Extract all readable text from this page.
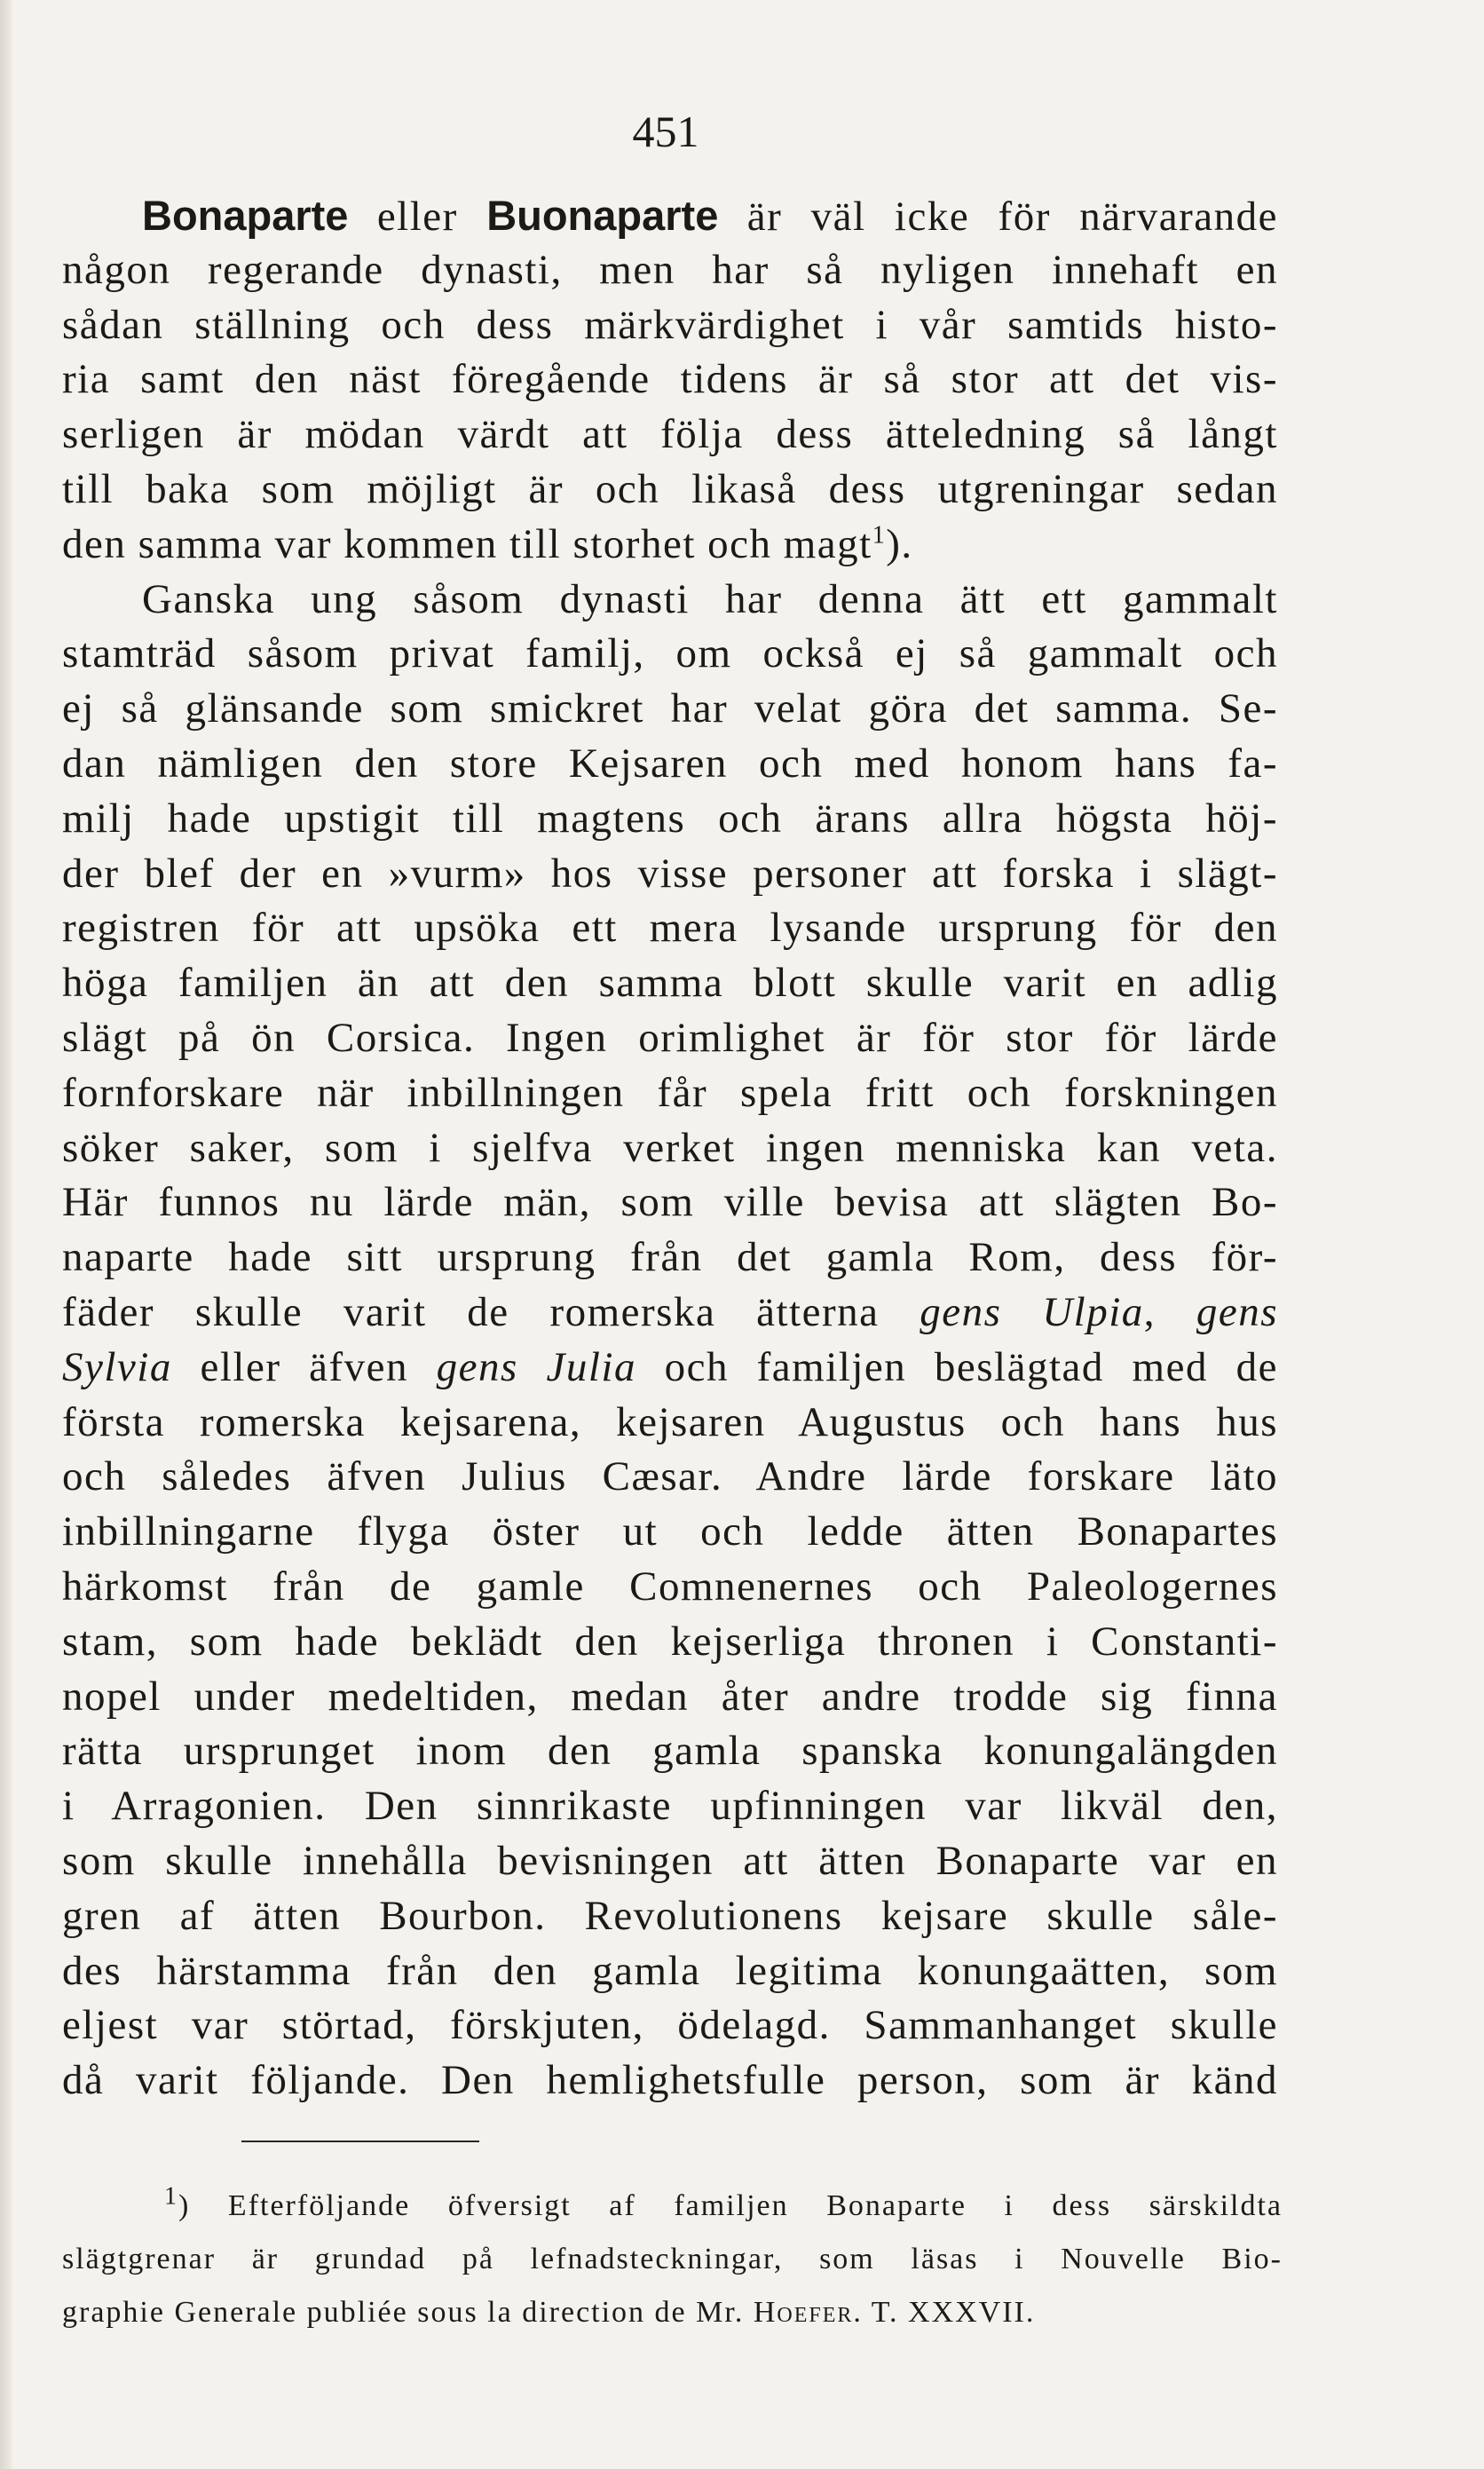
451
Bonaparte eller Buonaparte är väl icke för närvarande
någon regerande dynasti, men har så nyligen innehaft en
sådan ställning och dess märkvärdighet i vår samtids histo-
ria samt den näst föregående tidens är så stor att det vis-
serligen är mödan värdt att följa dess ätteledning så långt
till baka som möjligt är och likaså dess utgreningar sedan
den samma var kommen till storhet och magt$^1$).
Ganska ung såsom dynasti har denna ätt ett gammalt
stamträd såsom privat familj, om också ej så gammalt och
ej så glänsande som smickret har velat göra det samma. Se-
dan nämligen den store Kejsaren och med honom hans fa-
milj hade upstigit till magtens och ärans allra högsta höj-
der blef der en »vurm» hos visse personer att forska i slägt-
registren för att upsöka ett mera lysande ursprung för den
höga familjen än att den samma blott skulle varit en adlig
slägt på ön Corsica. Ingen orimlighet är för stor för lärde
fornforskare när inbillningen får spela fritt och forskningen
söker saker, som i sjelfva verket ingen menniska kan veta.
Här funnos nu lärde män, som ville bevisa att slägten Bo-
naparte hade sitt ursprung från det gamla Rom, dess för-
fäder skulle varit de romerska ätterna gens Ulpia, gens
Sylvia eller äfven gens Julia och familjen beslägtad med de
första romerska kejsarena, kejsaren Augustus och hans hus
och således äfven Julius Cæsar. Andre lärde forskare läto
inbillningarne flyga öster ut och ledde ätten Bonapartes
härkomst från de gamle Comnenernes och Paleologernes
stam, som hade beklädt den kejserliga thronen i Constanti-
nopel under medeltiden, medan åter andre trodde sig finna
rätta ursprunget inom den gamla spanska konungalängden
i Arragonien. Den sinnrikaste upfinningen var likväl den,
som skulle innehålla bevisningen att ätten Bonaparte var en
gren af ätten Bourbon. Revolutionens kejsare skulle såle-
des härstamma från den gamla legitima konungaätten, som
eljest var störtad, förskjuten, ödelagd. Sammanhanget skulle
då varit följande. Den hemlighetsfulle person, som är känd
$^1$) Efterföljande öfversigt af familjen Bonaparte i dess särskildta
slägtgrenar är grundad på lefnadsteckningar, som läsas i Nouvelle Bio-
graphie Generale publiée sous la direction de Mr. Hoefer. T. XXXVII.
